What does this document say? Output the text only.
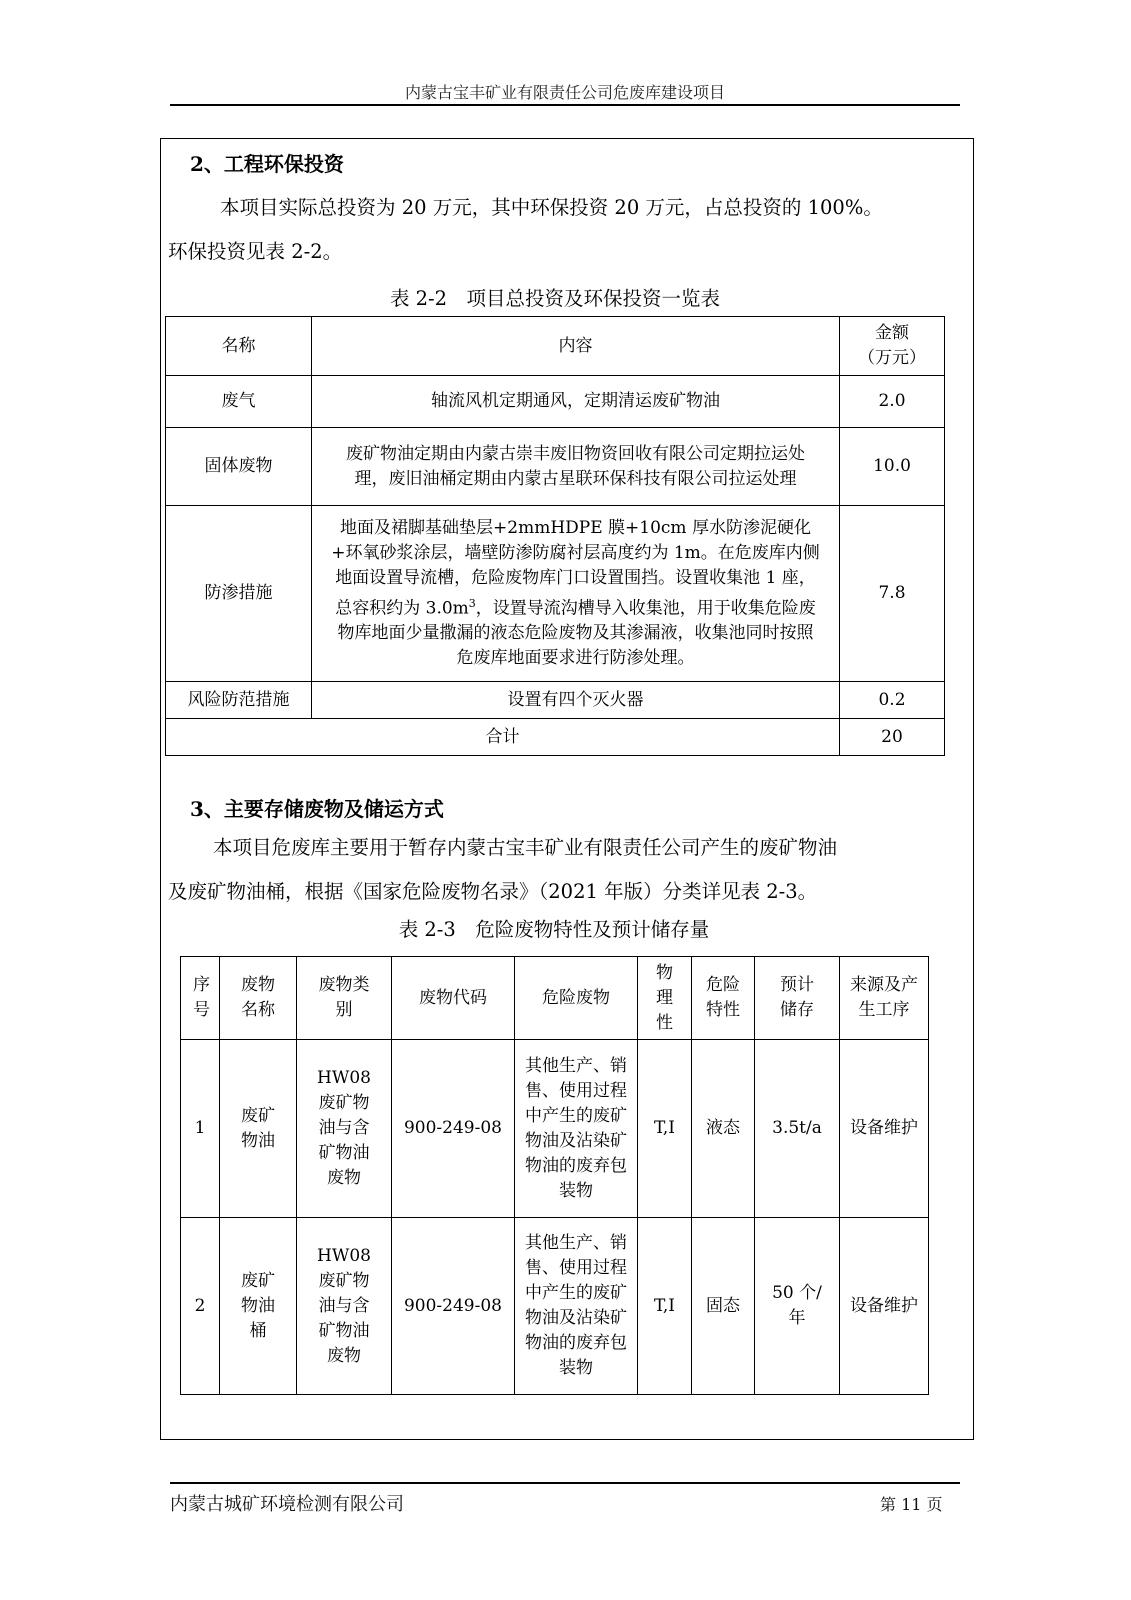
内蒙古宝丰矿业有限责任公司危废库建设项目
2、工程环保投资
本项目实际总投资为 20 万元，其中环保投资 20 万元，占总投资的 100%。
环保投资见表 2-2。
表 2-2　项目总投资及环保投资一览表
名称	内容	金额
（万元）

废气	轴流风机定期通风，定期清运废矿物油	2.0
固体废物	废矿物油定期由内蒙古崇丰废旧物资回收有限公司定期拉运处理，废旧油桶定期由内蒙古星联环保科技有限公司拉运处理	10.0
防渗措施	地面及裙脚基础垫层+2mmHDPE 膜+10cm 厚水防渗泥硬化+环氧砂浆涂层，墙壁防渗防腐衬层高度约为 1m。在危废库内侧地面设置导流槽，危险废物库门口设置围挡。设置收集池 1 座，总容积约为 $3.0m^3$，设置导流沟槽导入收集池，用于收集危险废物库地面少量撒漏的液态危险废物及其渗漏液，收集池同时按照危废库地面要求进行防渗处理。	7.8
风险防范措施	设置有四个灭火器	0.2
合计		20
3、主要存储废物及储运方式
本项目危废库主要用于暂存内蒙古宝丰矿业有限责任公司产生的废矿物油
及废矿物油桶，根据《国家危险废物名录》（2021 年版）分类详见表 2-3。
表 2-3　危险废物特性及预计储存量
序号	废物名称	废物类别	废物代码	危险废物	物理性	危险特性	预计储存	来源及产生工序
1	废矿物油	HW08 废矿物油与含矿物油废物	900-249-08	其他生产、销售、使用过程中产生的废矿物油及沾染矿物油的废弃包装物	T,I	液态	3.5t/a	设备维护
2	废矿物油桶	HW08 废矿物油与含矿物油废物	900-249-08	其他生产、销售、使用过程中产生的废矿物油及沾染矿物油的废弃包装物	T,I	固态	50 个/年	设备维护
内蒙古城矿环境检测有限公司	第 11 页
